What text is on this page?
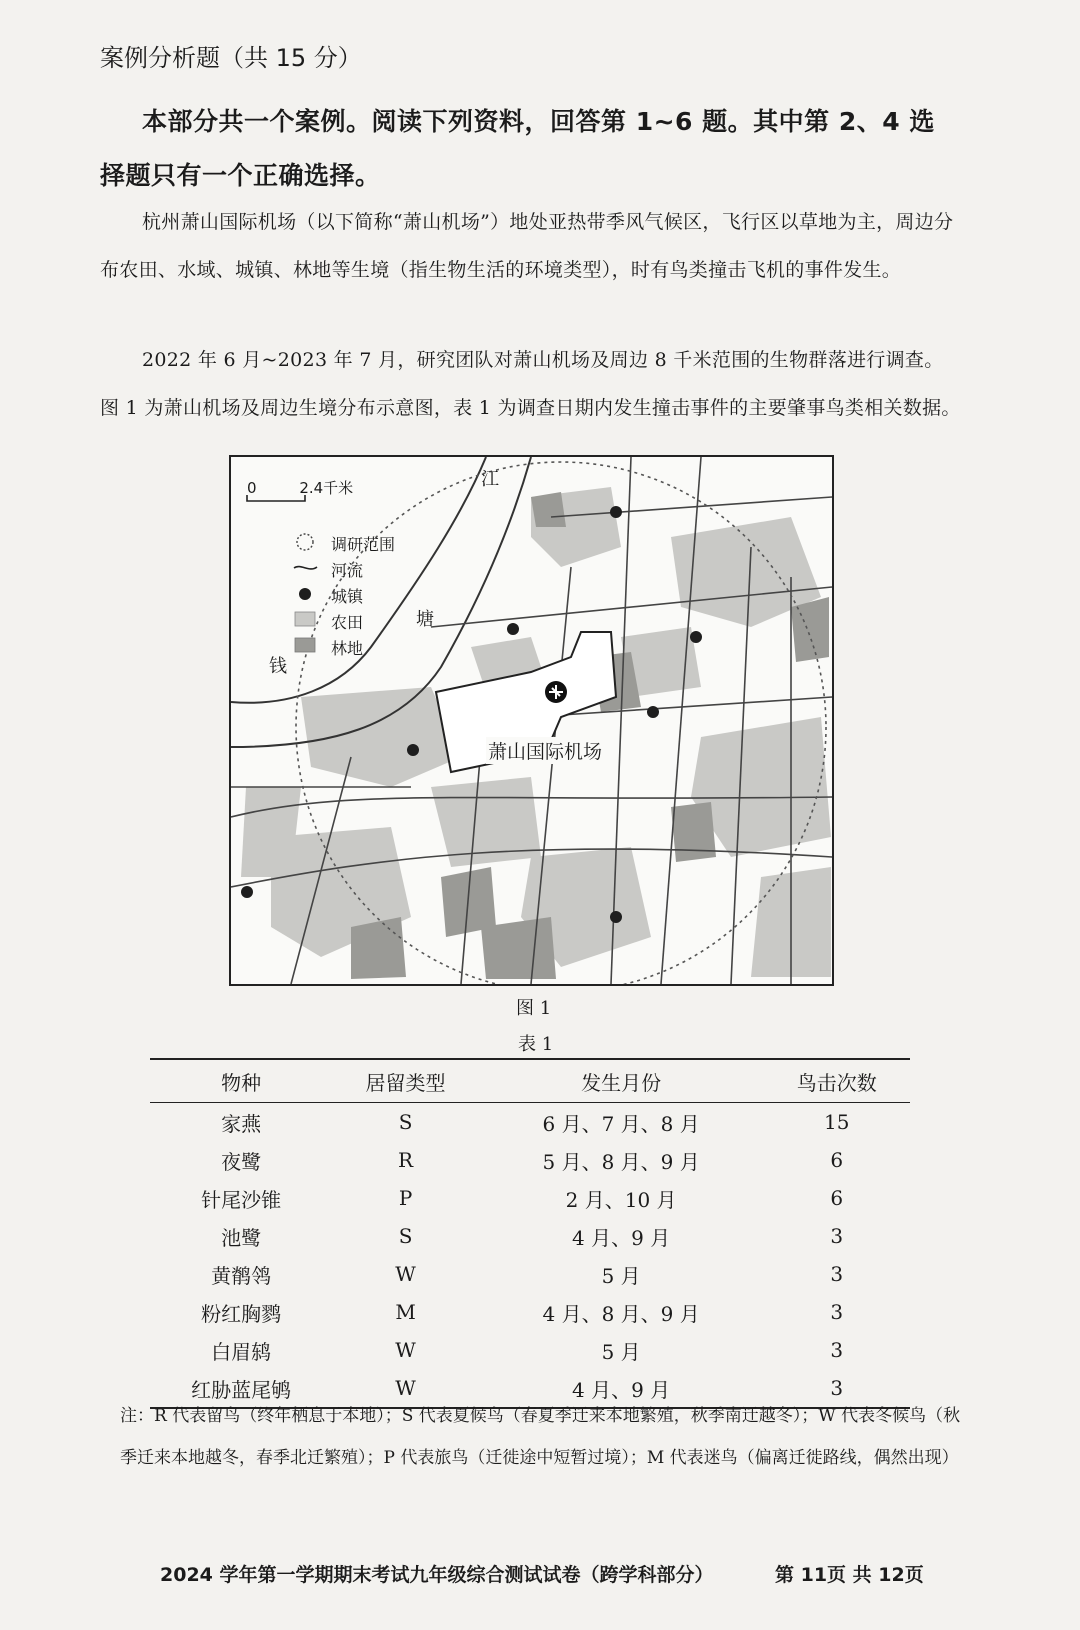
案例分析题（共 15 分）
本部分共一个案例。阅读下列资料，回答第 1~6 题。其中第 2、4 选择题只有一个正确选择。
杭州萧山国际机场（以下简称“萧山机场”）地处亚热带季风气候区，飞行区以草地为主，周边分布农田、水域、城镇、林地等生境（指生物生活的环境类型），时有鸟类撞击飞机的事件发生。
2022 年 6 月~2023 年 7 月，研究团队对萧山机场及周边 8 千米范围的生物群落进行调查。图 1 为萧山机场及周边生境分布示意图，表 1 为调查日期内发生撞击事件的主要肇事鸟类相关数据。
0	2.4千米
调研范围
河流
城镇
农田
林地
江
塘
钱
萧山国际机场
图 1
表 1
物种	居留类型	发生月份	鸟击次数
家燕	S	6 月、7 月、8 月	15
夜鹭	R	5 月、8 月、9 月	6
针尾沙锥	P	2 月、10 月	6
池鹭	S	4 月、9 月	3
黄鹡鸰	W	5 月	3
粉红胸鹨	M	4 月、8 月、9 月	3
白眉鸫	W	5 月	3
红胁蓝尾鸲	W	4 月、9 月	3
注：R 代表留鸟（终年栖息于本地）；S 代表夏候鸟（春夏季迁来本地繁殖，秋季南迁越冬）；W 代表冬候鸟（秋季迁来本地越冬，春季北迁繁殖）；P 代表旅鸟（迁徙途中短暂过境）；M 代表迷鸟（偏离迁徙路线，偶然出现）
2024 学年第一学期期末考试九年级综合测试试卷（跨学科部分）	第 11页 共 12页
